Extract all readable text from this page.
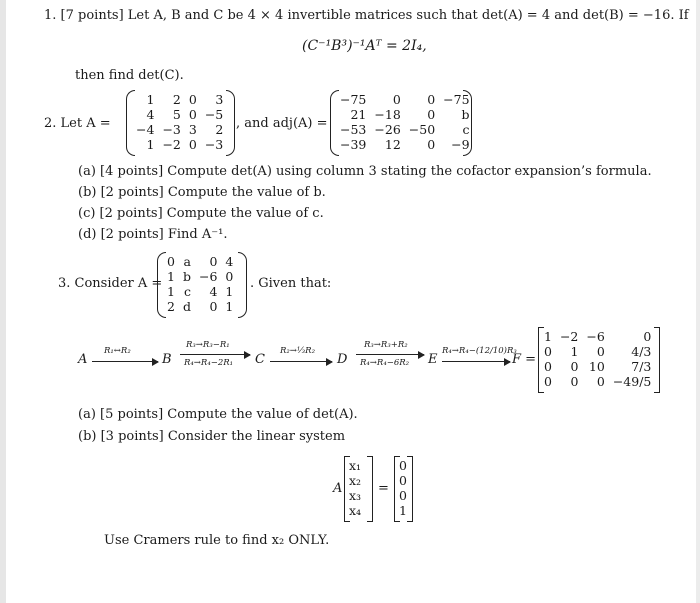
1. [7 points] Let A, B and C be 4 × 4 invertible matrices such that det(A) = 4 and det(B) = −16. If
(C⁻¹B³)⁻¹Aᵀ = 2I₄,
then find det(C).
2. Let A =
1	2	0	3
4	5	0	−5
−4	−3	3	2
1	−2	0	−3
, and adj(A) =
−75	0	0	−75
21	−18	0	b
−53	−26	−50	c
−39	12	0	−9
(a) [4 points] Compute det(A) using column 3 stating the cofactor expansion’s formula.
(b) [2 points] Compute the value of b.
(c) [2 points] Compute the value of c.
(d) [2 points] Find A⁻¹.
3. Consider A =
0	a	0	4
1	b	−6	0
1	c	4	1
2	d	0	1
. Given that:
A
R₁↔R₂
B
R₃→R₃−R₁
R₄→R₄−2R₁ C
R₂→⅓R₂
D
R₃→R₃+R₂
R₄→R₄−6R₂ E
R₄→R₄−(12/10)R₃
F =
1	−2	−6	0
0	1	0	4/3
0	0	10	7/3
0	0	0	−49/5
(a) [5 points] Compute the value of det(A).
(b) [3 points] Consider the linear system
A
x₁
x₂
x₃
x₄
=
0
0
0
1
Use Cramers rule to find x₂ ONLY.
